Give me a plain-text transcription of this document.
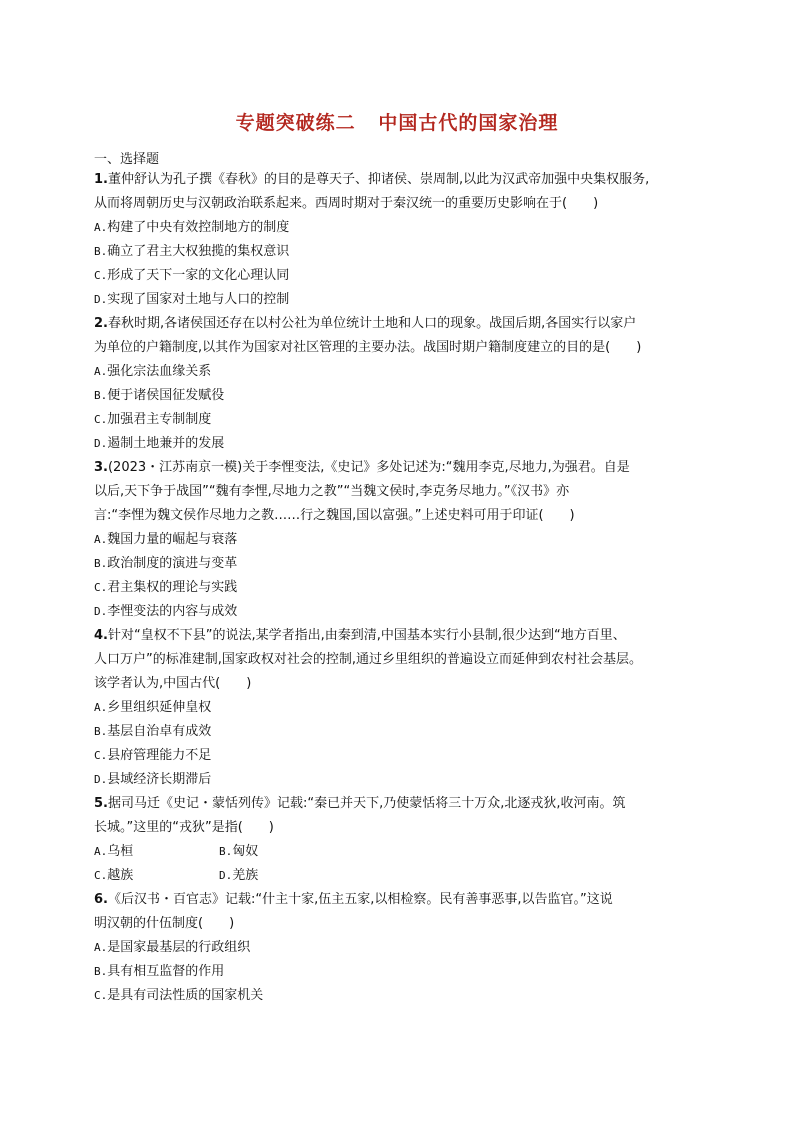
专题突破练二   中国古代的国家治理
一、选择题
1.董仲舒认为孔子撰《春秋》的目的是尊天子、抑诸侯、崇周制,以此为汉武帝加强中央集权服务,
从而将周朝历史与汉朝政治联系起来。西周时期对于秦汉统一的重要历史影响在于(　　)
A.构建了中央有效控制地方的制度
B.确立了君主大权独揽的集权意识
C.形成了天下一家的文化心理认同
D.实现了国家对土地与人口的控制
2.春秋时期,各诸侯国还存在以村公社为单位统计土地和人口的现象。战国后期,各国实行以家户
为单位的户籍制度,以其作为国家对社区管理的主要办法。战国时期户籍制度建立的目的是(　　)
A.强化宗法血缘关系
B.便于诸侯国征发赋役
C.加强君主专制制度
D.遏制土地兼并的发展
3.(2023・江苏南京一模)关于李悝变法,《史记》多处记述为:“魏用李克,尽地力,为强君。自是
以后,天下争于战国”“魏有李悝,尽地力之教”“当魏文侯时,李克务尽地力。”《汉书》亦
言:“李悝为魏文侯作尽地力之教……行之魏国,国以富强。”上述史料可用于印证(　　)
A.魏国力量的崛起与衰落
B.政治制度的演进与变革
C.君主集权的理论与实践
D.李悝变法的内容与成效
4.针对“皇权不下县”的说法,某学者指出,由秦到清,中国基本实行小县制,很少达到“地方百里、
人口万户”的标准建制,国家政权对社会的控制,通过乡里组织的普遍设立而延伸到农村社会基层。
该学者认为,中国古代(　　)
A.乡里组织延伸皇权
B.基层自治卓有成效
C.县府管理能力不足
D.县域经济长期滞后
5.据司马迁《史记・蒙恬列传》记载:“秦已并天下,乃使蒙恬将三十万众,北逐戎狄,收河南。筑
长城。”这里的“戎狄”是指(　　)
A.乌桓	B.匈奴
C.越族	D.羌族
6.《后汉书・百官志》记载:“什主十家,伍主五家,以相检察。民有善事恶事,以告监官。”这说
明汉朝的什伍制度(　　)
A.是国家最基层的行政组织
B.具有相互监督的作用
C.是具有司法性质的国家机关
